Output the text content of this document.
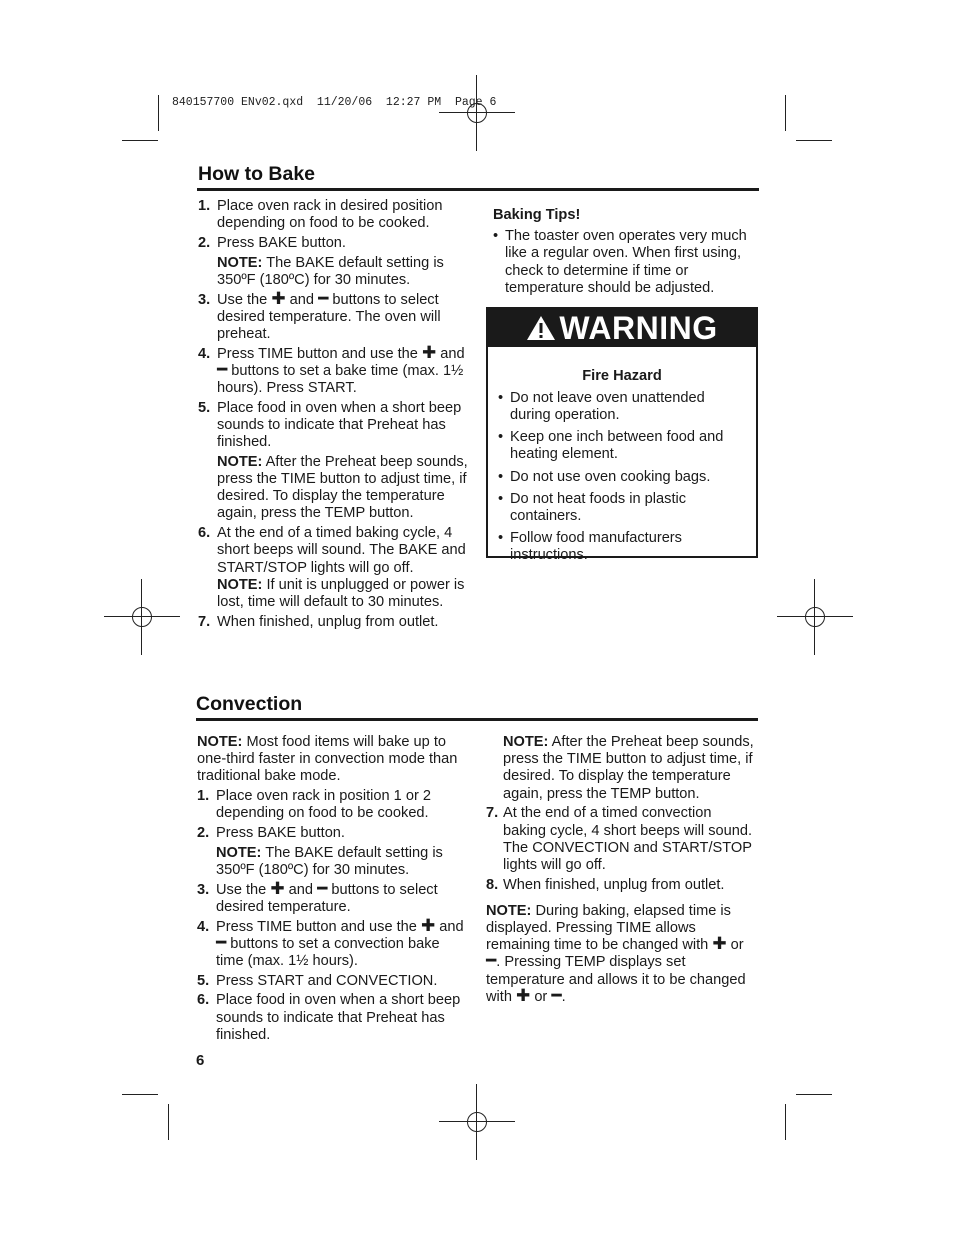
840157700 ENv02.qxd  11/20/06  12:27 PM  Page 6
How to Bake
1. Place oven rack in desired position depending on food to be cooked.
2. Press BAKE button.
NOTE: The BAKE default setting is 350ºF (180ºC) for 30 minutes.
3. Use the ✚ and ━ buttons to select desired temperature. The oven will preheat.
4. Press TIME button and use the ✚ and ━ buttons to set a bake time (max. 1½ hours). Press START.
5. Place food in oven when a short beep sounds to indicate that Preheat has finished.
NOTE: After the Preheat beep sounds, press the TIME button to adjust time, if desired. To display the temperature again, press the TEMP button.
6. At the end of a timed baking cycle, 4 short beeps will sound. The BAKE and START/STOP lights will go off.
NOTE: If unit is unplugged or power is lost, time will default to 30 minutes.
7. When finished, unplug from outlet.

Baking Tips!

• The toaster oven operates very much like a regular oven. When first using, check to determine if time or temperature should be adjusted.
WARNING

Fire Hazard

• Do not leave oven unattended during operation.
• Keep one inch between food and heating element.
• Do not use oven cooking bags.
• Do not heat foods in plastic containers.
• Follow food manufacturers instructions.
Convection
NOTE: Most food items will bake up to one-third faster in convection mode than traditional bake mode.
1. Place oven rack in position 1 or 2 depending on food to be cooked.
2. Press BAKE button.
NOTE: The BAKE default setting is 350ºF (180ºC) for 30 minutes.
3. Use the ✚ and ━ buttons to select desired temperature.
4. Press TIME button and use the ✚ and ━ buttons to set a convection bake time (max. 1½ hours).
5. Press START and CONVECTION.
6. Place food in oven when a short beep sounds to indicate that Preheat has finished.
NOTE: After the Preheat beep sounds, press the TIME button to adjust time, if desired. To display the temperature again, press the TEMP button.
7. At the end of a timed convection baking cycle, 4 short beeps will sound. The CONVECTION and START/STOP lights will go off.
8. When finished, unplug from outlet.
NOTE: During baking, elapsed time is displayed. Pressing TIME allows remaining time to be changed with ✚ or ━. Pressing TEMP displays set temperature and allows it to be changed with ✚ or ━.
6
